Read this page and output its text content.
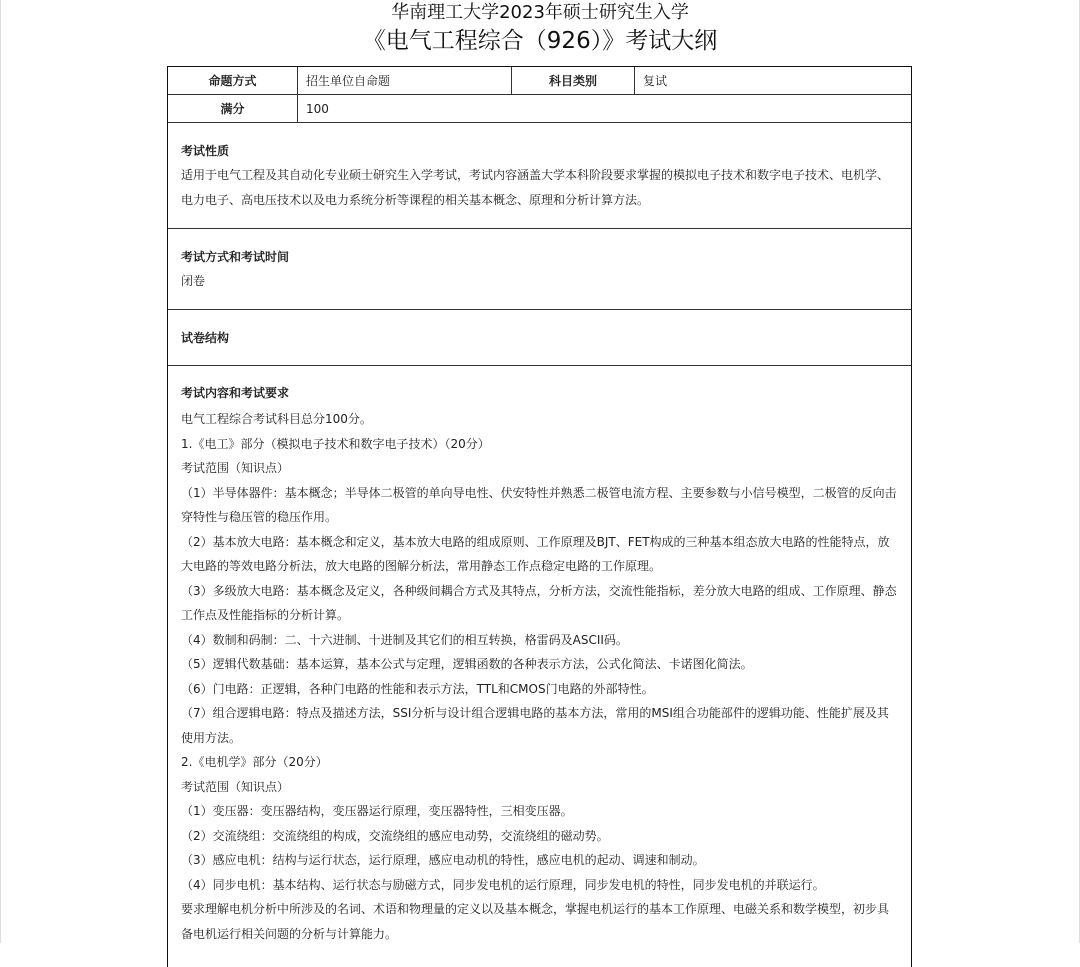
华南理工大学2023年硕士研究生入学
《电气工程综合（926）》考试大纲
命题方式	招生单位自命题	科目类别	复试
满分	100
考试性质

适用于电气工程及其自动化专业硕士研究生入学考试，考试内容涵盖大学本科阶段要求掌握的模拟电子技术和数字电子技术、电机学、电力电子、高电压技术以及电力系统分析等课程的相关基本概念、原理和分析计算方法。

考试方式和考试时间

闭卷

试卷结构
考试内容和考试要求

电气工程综合考试科目总分100分。

1.《电工》部分（模拟电子技术和数字电子技术）（20分）

考试范围（知识点）

（1）半导体器件：基本概念；半导体二极管的单向导电性、伏安特性并熟悉二极管电流方程、主要参数与小信号模型，二极管的反向击穿特性与稳压管的稳压作用。

（2）基本放大电路：基本概念和定义，基本放大电路的组成原则、工作原理及BJT、FET构成的三种基本组态放大电路的性能特点，放大电路的等效电路分析法，放大电路的图解分析法，常用静态工作点稳定电路的工作原理。

（3）多级放大电路：基本概念及定义，各种级间耦合方式及其特点，分析方法，交流性能指标，差分放大电路的组成、工作原理、静态工作点及性能指标的分析计算。

（4）数制和码制：二、十六进制、十进制及其它们的相互转换，格雷码及ASCII码。

（5）逻辑代数基础：基本运算，基本公式与定理，逻辑函数的各种表示方法，公式化简法、卡诺图化简法。

（6）门电路：正逻辑，各种门电路的性能和表示方法，TTL和CMOS门电路的外部特性。

（7）组合逻辑电路：特点及描述方法，SSI分析与设计组合逻辑电路的基本方法，常用的MSI组合功能部件的逻辑功能、性能扩展及其使用方法。

2.《电机学》部分（20分）

考试范围（知识点）

（1）变压器：变压器结构，变压器运行原理，变压器特性，三相变压器。

（2）交流绕组：交流绕组的构成，交流绕组的感应电动势，交流绕组的磁动势。

（3）感应电机：结构与运行状态，运行原理，感应电动机的特性，感应电机的起动、调速和制动。

（4）同步电机：基本结构、运行状态与励磁方式，同步发电机的运行原理，同步发电机的特性，同步发电机的并联运行。

要求理解电机分析中所涉及的名词、术语和物理量的定义以及基本概念，掌握电机运行的基本工作原理、电磁关系和数学模型，初步具备电机运行相关问题的分析与计算能力。
